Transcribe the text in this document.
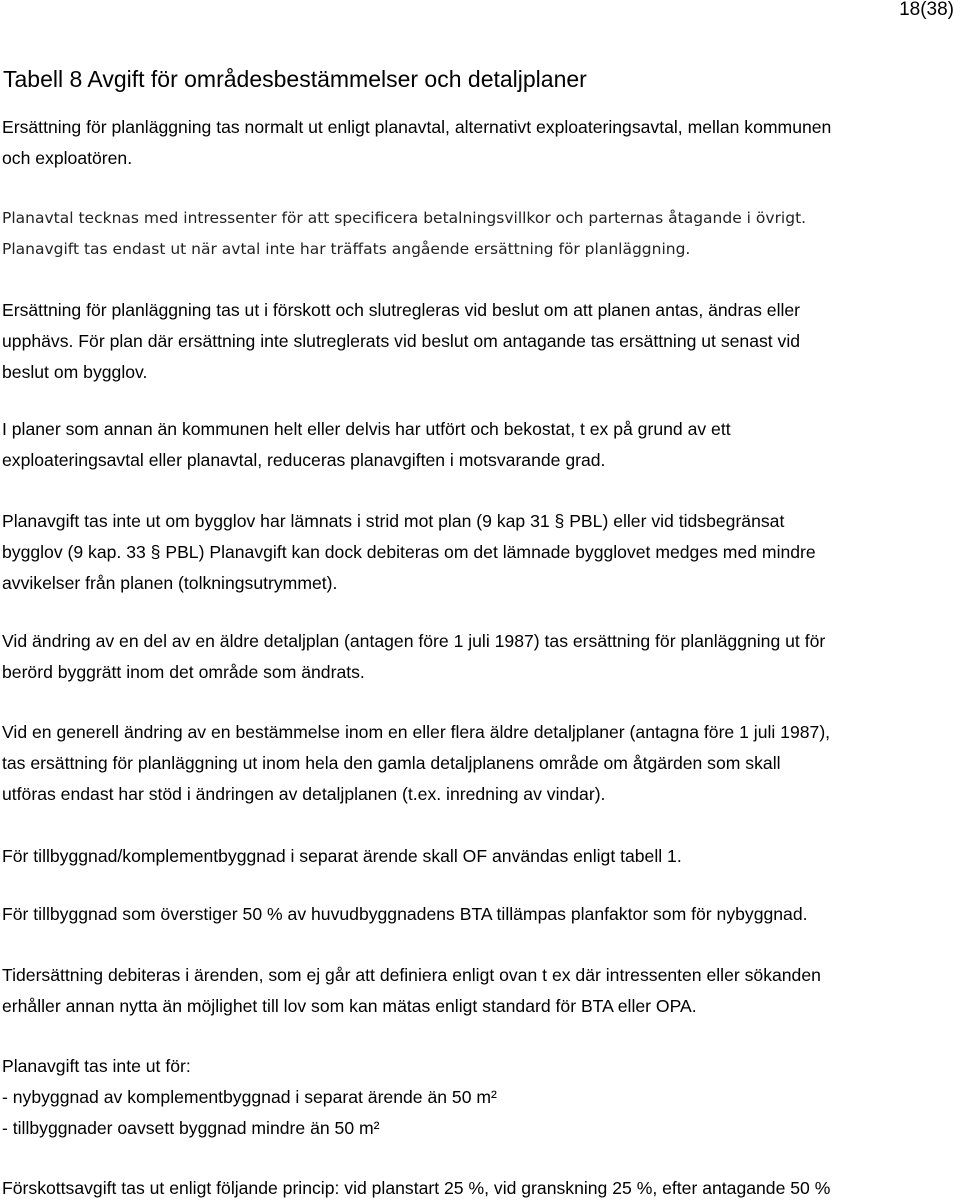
18(38)
Tabell 8 Avgift för områdesbestämmelser och detaljplaner

Ersättning för planläggning tas normalt ut enligt planavtal, alternativt exploateringsavtal, mellan kommunen
och exploatören.

Planavtal tecknas med intressenter för att specificera betalningsvillkor och parternas åtagande i övrigt.
Planavgift tas endast ut när avtal inte har träffats angående ersättning för planläggning.

Ersättning för planläggning tas ut i förskott och slutregleras vid beslut om att planen antas, ändras eller
upphävs. För plan där ersättning inte slutreglerats vid beslut om antagande tas ersättning ut senast vid
beslut om bygglov.

I planer som annan än kommunen helt eller delvis har utfört och bekostat, t ex på grund av ett
exploateringsavtal eller planavtal, reduceras planavgiften i motsvarande grad.

Planavgift tas inte ut om bygglov har lämnats i strid mot plan (9 kap 31 § PBL) eller vid tidsbegränsat
bygglov (9 kap. 33 § PBL) Planavgift kan dock debiteras om det lämnade bygglovet medges med mindre
avvikelser från planen (tolkningsutrymmet).

Vid ändring av en del av en äldre detaljplan (antagen före 1 juli 1987) tas ersättning för planläggning ut för
berörd byggrätt inom det område som ändrats.

Vid en generell ändring av en bestämmelse inom en eller flera äldre detaljplaner (antagna före 1 juli 1987),
tas ersättning för planläggning ut inom hela den gamla detaljplanens område om åtgärden som skall
utföras endast har stöd i ändringen av detaljplanen (t.ex. inredning av vindar).

För tillbyggnad/komplementbyggnad i separat ärende skall OF användas enligt tabell 1.

För tillbyggnad som överstiger 50 % av huvudbyggnadens BTA tillämpas planfaktor som för nybyggnad.

Tidersättning debiteras i ärenden, som ej går att definiera enligt ovan t ex där intressenten eller sökanden
erhåller annan nytta än möjlighet till lov som kan mätas enligt standard för BTA eller OPA.

Planavgift tas inte ut för:
- nybyggnad av komplementbyggnad i separat ärende än 50 m²
- tillbyggnader oavsett byggnad mindre än 50 m²

Förskottsavgift tas ut enligt följande princip: vid planstart 25 %, vid granskning 25 %, efter antagande 50 %
